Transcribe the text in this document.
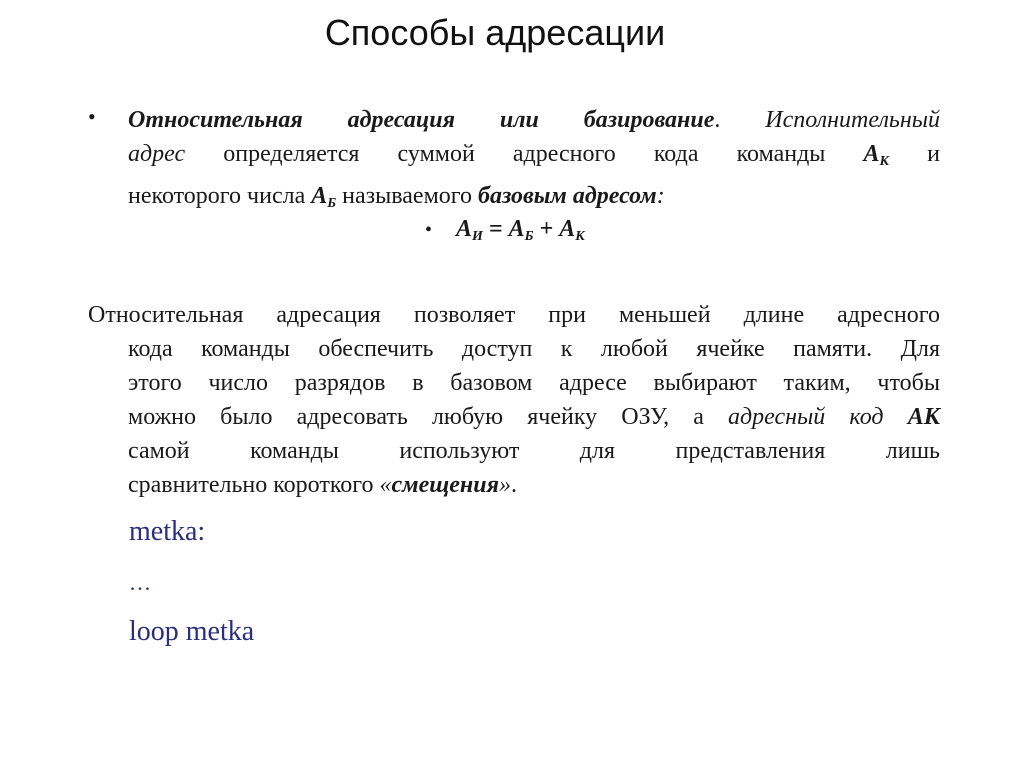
Способы адресации
• Относительная адресация или базирование. Исполнительный
адрес определяется суммой адресного кода команды $А_К$ и
некоторого числа $А_Б$ называемого базовым адресом:
• $А_И = А_Б + А_К$
Относительная адресация позволяет при меньшей длине адресного
кода команды обеспечить доступ к любой ячейке памяти. Для
этого число разрядов в базовом адресе выбирают таким, чтобы
можно было адресовать любую ячейку ОЗУ, а адресный код АК
самой команды используют для представления лишь
сравнительно короткого «смещения».
metka:
…
loop metka
